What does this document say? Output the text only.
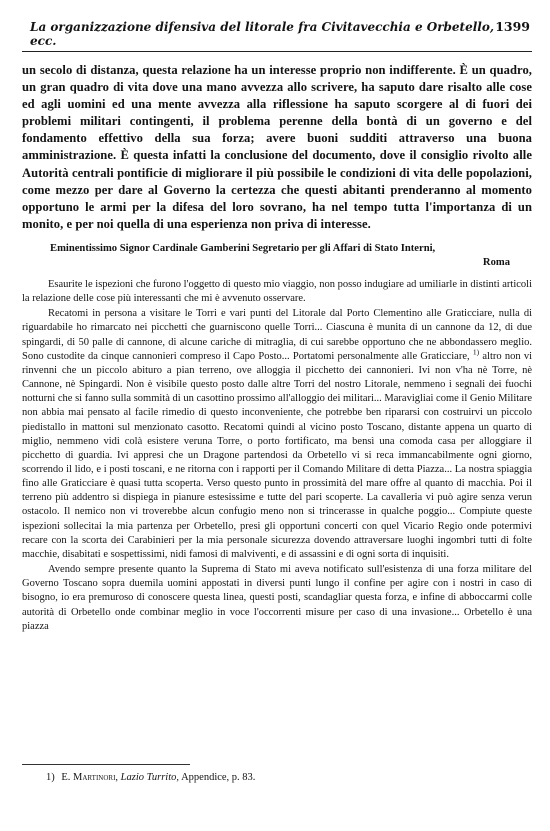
La organizzazione difensiva del litorale fra Civitavecchia e Orbetello, ecc.
1399

un secolo di distanza, questa relazione ha un interesse proprio non indifferente. È un quadro, un gran quadro di vita dove una mano avvezza allo scrivere, ha saputo dare risalto alle cose ed agli uomini ed una mente avvezza alla riflessione ha saputo scorgere al di fuori dei problemi militari contingenti, il problema perenne della bontà di un governo e del fondamento effettivo della sua forza; avere buoni sudditi attraverso una buona amministrazione. È questa infatti la conclusione del documento, dove il consiglio rivolto alle Autorità centrali pontificie di migliorare il più possibile le condizioni di vita delle popolazioni, come mezzo per dare al Governo la certezza che questi abitanti prenderanno al momento opportuno le armi per la difesa del loro sovrano, ha nel tempo tutta l'importanza di un monito, e per noi quella di una esperienza non priva di interesse.

Eminentissimo Signor Cardinale Gamberini Segretario per gli Affari di Stato Interni,
Roma

Esaurite le ispezioni che furono l'oggetto di questo mio viaggio, non posso indugiare ad umiliarle in distinti articoli la relazione delle cose più interessanti che mi è avvenuto osservare.

Recatomi in persona a visitare le Torri e vari punti del Litorale dal Porto Clementino alle Graticciare, nulla di riguardabile ho rimarcato nei picchetti che guarniscono quelle Torri... Ciascuna è munita di un cannone da 12, di due spingardi, di 50 palle di cannone, di alcune cariche di mitraglia, di cui sarebbe opportuno che ne abbondassero meglio. Sono custodite da cinque cannonieri compreso il Capo Posto... Portatomi personalmente alle Graticciare, $^{1)}$ altro non vi rinvenni che un piccolo abituro a pian terreno, ove alloggia il picchetto dei cannonieri. Ivi non v'ha nè Torre, nè Cannone, nè Spingardi. Non è visibile questo posto dalle altre Torri del nostro Litorale, nemmeno i segnali dei fuochi notturni che si fanno sulla sommità di un casottino prossimo all'alloggio dei militari... Maravigliai come il Genio Militare non abbia mai pensato al facile rimedio di questo inconveniente, che potrebbe ben ripararsi con costruirvi un piccolo piedistallo in mattoni sul menzionato casotto. Recatomi quindi al vicino posto Toscano, distante appena un quarto di miglio, nemmeno vidi colà esistere veruna Torre, o porto fortificato, ma bensì una comoda casa per alloggiare il picchetto di guardia. Ivi appresi che un Dragone partendosi da Orbetello vi si reca immancabilmente ogni giorno, scorrendo il lido, e i posti toscani, e ne ritorna con i rapporti per il Comando Militare di detta Piazza... La nostra spiaggia fino alle Graticciare è quasi tutta scoperta. Verso questo punto in prossimità del mare offre al quanto di macchia. Poi il terreno più addentro si dispiega in pianure estesissime e tutte del pari scoperte. La cavalleria vi può agire senza verun ostacolo. Il nemico non vi troverebbe alcun confugio meno non si trincerasse in qualche poggio... Compiute queste ispezioni sollecitai la mia partenza per Orbetello, presi gli opportuni concerti con quel Vicario Regio onde potermivi recare con la scorta dei Carabinieri per la mia personale sicurezza dovendo attraversare luoghi ingombri tutti di folte macchie, disabitati e sospettissimi, nidi famosi di malviventi, e di assassini e di ogni sorta di inquisiti.

Avendo sempre presente quanto la Suprema di Stato mi aveva notificato sull'esistenza di una forza militare del Governo Toscano sopra duemila uomini appostati in diversi punti lungo il confine per agire con i nostri in caso di bisogno, io era premuroso di conoscere questa linea, questi posti, scandagliar questa forza, e infine di abboccarmi colle autorità di Orbetello onde combinar meglio in voce l'occorrenti misure per caso di una invasione... Orbetello è una piazza

1) E. Martinori, Lazio Turrito, Appendice, p. 83.
